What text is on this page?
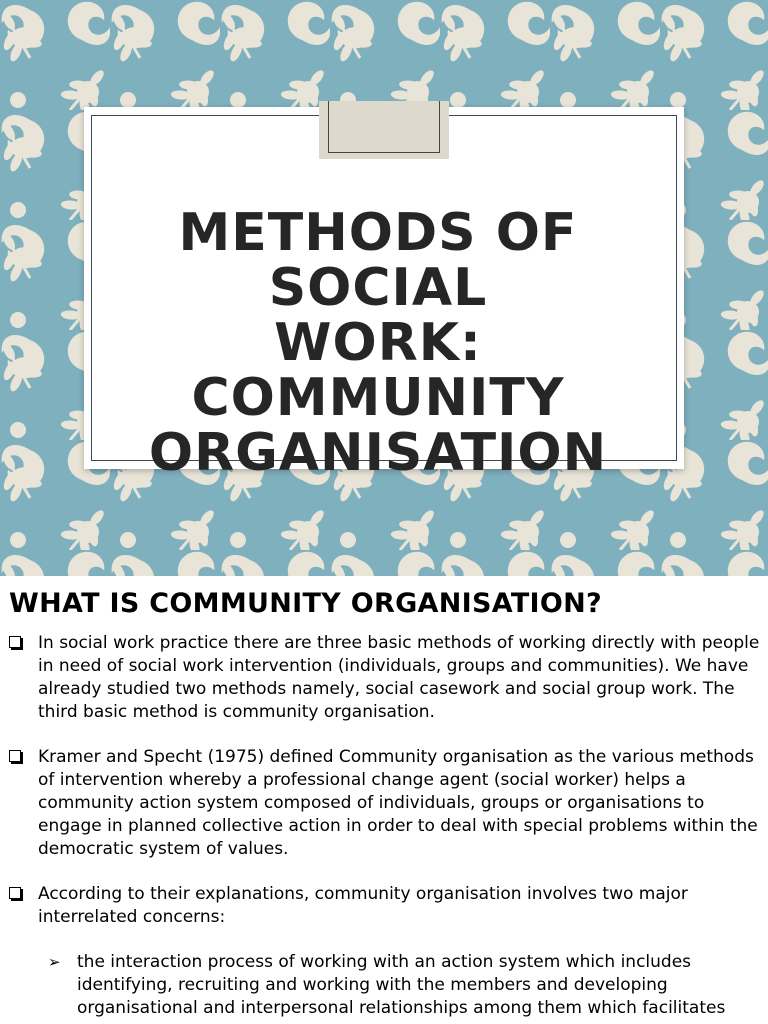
METHODS OF
SOCIAL
WORK:
COMMUNITY
ORGANISATION
WHAT IS COMMUNITY ORGANISATION?
In social work practice there are three basic methods of working directly with people in need of social work intervention (individuals, groups and communities). We have already studied two methods namely, social casework and social group work. The third basic method is community organisation.
Kramer and Specht (1975) defined Community organisation as the various methods of intervention whereby a professional change agent (social worker) helps a community action system composed of individuals, groups or organisations to engage in planned collective action in order to deal with special problems within the democratic system of values.
According to their explanations, community organisation involves two major interrelated concerns:
➢ the interaction process of working with an action system which includes identifying, recruiting and working with the members and developing organisational and interpersonal relationships among them which facilitates
